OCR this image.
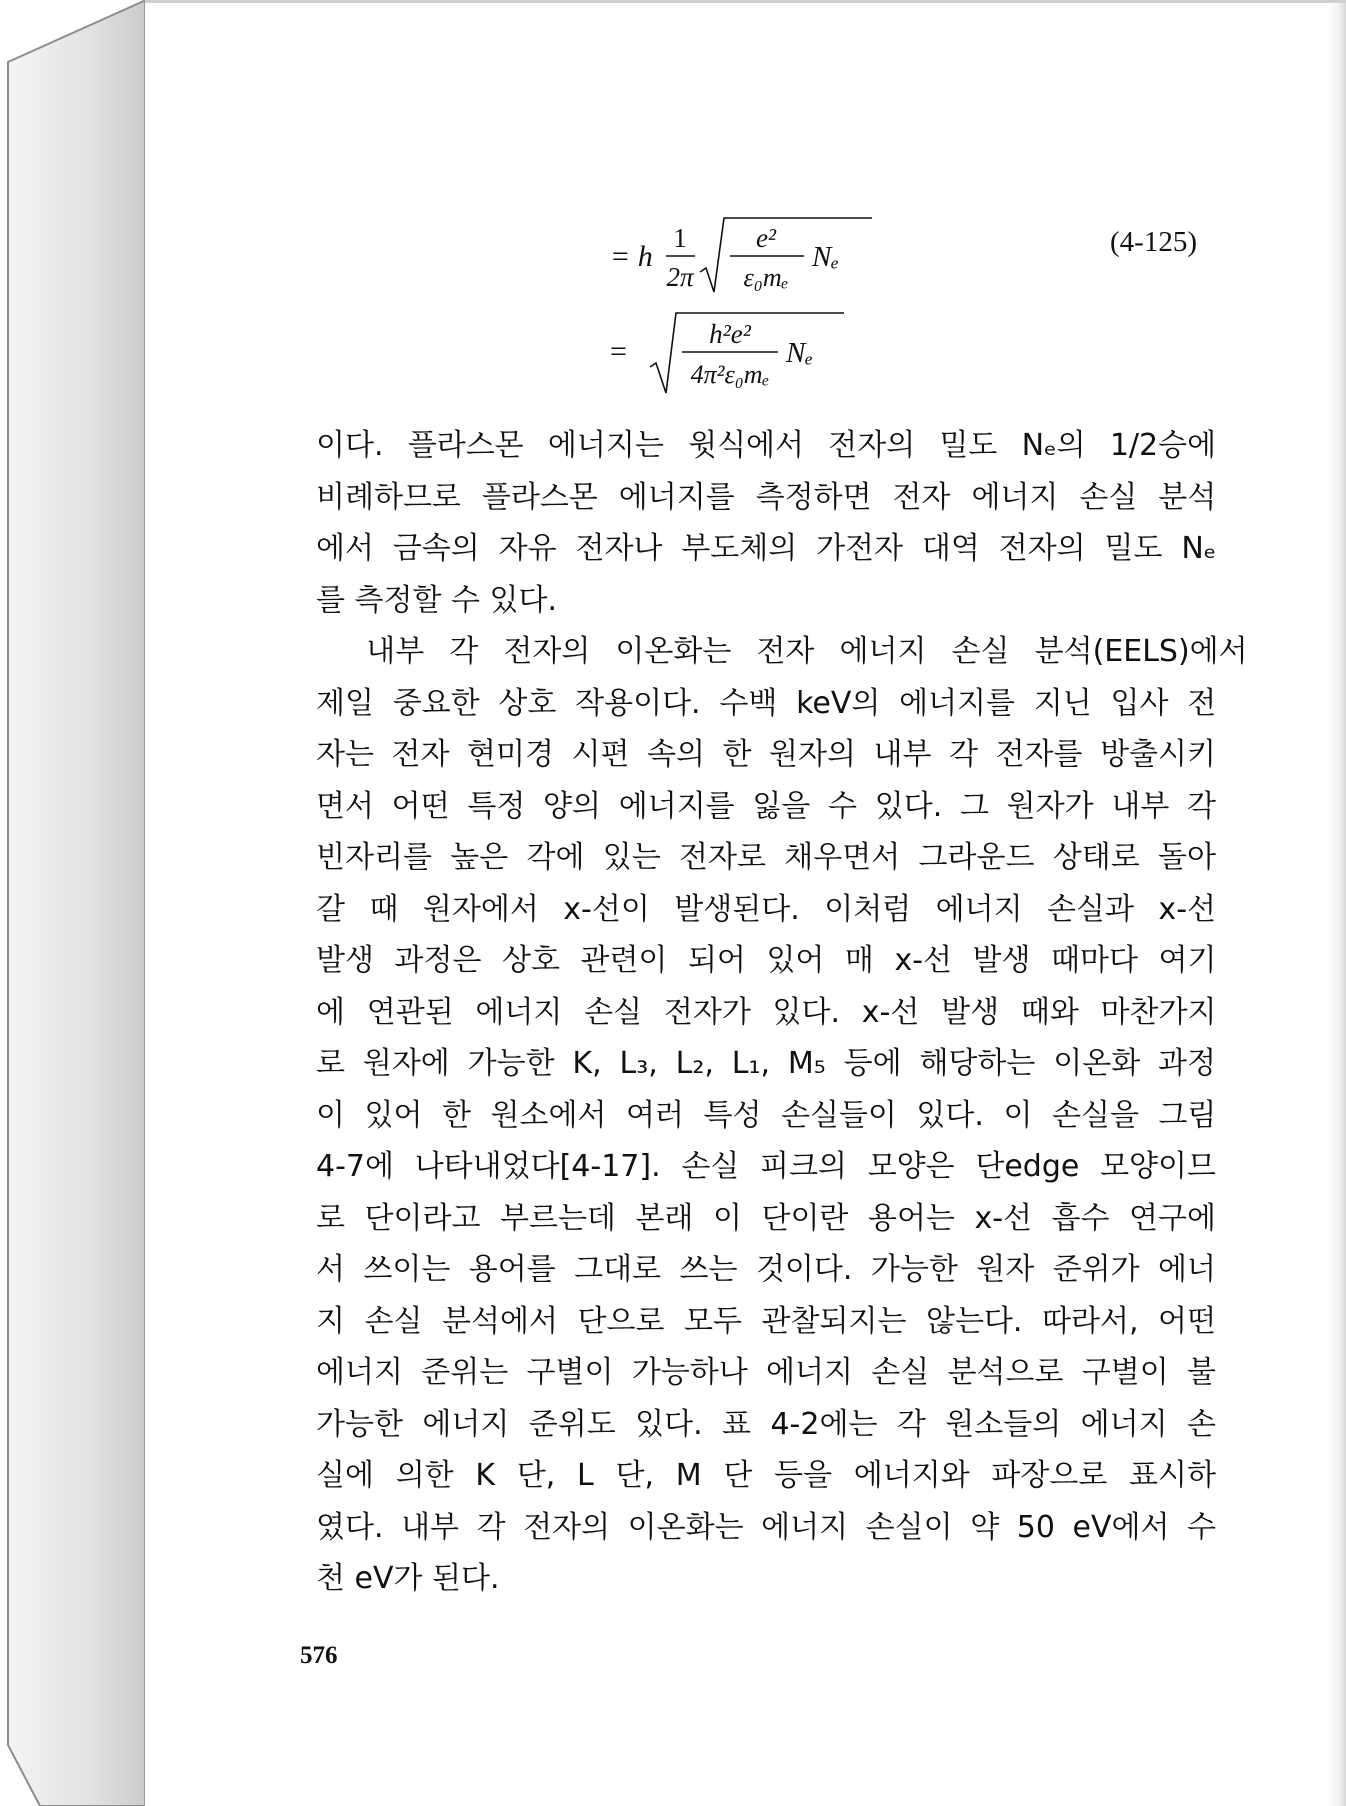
= h
1
2π
e²
ε₀mₑ
Nₑ	(4-125)
=
h²e²
4π²ε₀mₑ
Nₑ
이다. 플라스몬 에너지는 윗식에서 전자의 밀도 Nₑ의 1/2승에
비례하므로 플라스몬 에너지를 측정하면 전자 에너지 손실 분석
에서 금속의 자유 전자나 부도체의 가전자 대역 전자의 밀도 Nₑ
를 측정할 수 있다.
내부 각 전자의 이온화는 전자 에너지 손실 분석(EELS)에서
제일 중요한 상호 작용이다. 수백 keV의 에너지를 지닌 입사 전
자는 전자 현미경 시편 속의 한 원자의 내부 각 전자를 방출시키
면서 어떤 특정 양의 에너지를 잃을 수 있다. 그 원자가 내부 각
빈자리를 높은 각에 있는 전자로 채우면서 그라운드 상태로 돌아
갈 때 원자에서 x-선이 발생된다. 이처럼 에너지 손실과 x-선
발생 과정은 상호 관련이 되어 있어 매 x-선 발생 때마다 여기
에 연관된 에너지 손실 전자가 있다. x-선 발생 때와 마찬가지
로 원자에 가능한 K, L₃, L₂, L₁, M₅ 등에 해당하는 이온화 과정
이 있어 한 원소에서 여러 특성 손실들이 있다. 이 손실을 그림
4-7에 나타내었다[4-17]. 손실 피크의 모양은 단edge 모양이므
로 단이라고 부르는데 본래 이 단이란 용어는 x-선 흡수 연구에
서 쓰이는 용어를 그대로 쓰는 것이다. 가능한 원자 준위가 에너
지 손실 분석에서 단으로 모두 관찰되지는 않는다. 따라서, 어떤
에너지 준위는 구별이 가능하나 에너지 손실 분석으로 구별이 불
가능한 에너지 준위도 있다. 표 4-2에는 각 원소들의 에너지 손
실에 의한 K 단, L 단, M 단 등을 에너지와 파장으로 표시하
였다. 내부 각 전자의 이온화는 에너지 손실이 약 50 eV에서 수
천 eV가 된다.
576
